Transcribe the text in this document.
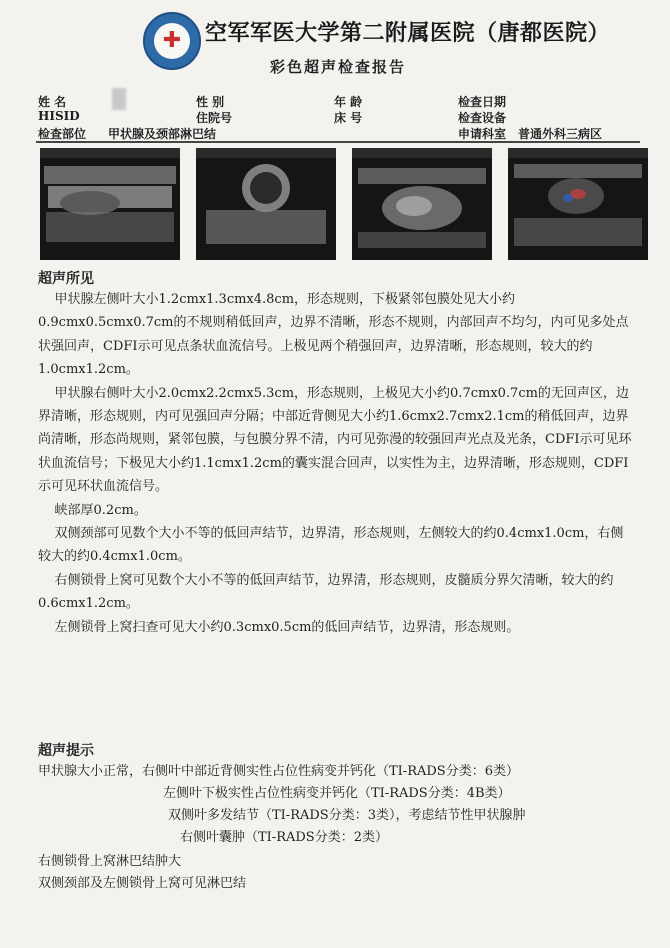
✚	空军军医大学第二附属医院（唐都医院）
彩色超声检查报告
姓 名	性 别	年 龄	检查日期
HISID	住院号	床 号	检查设备
检查部位 甲状腺及颈部淋巴结	申请科室 普通外科三病区
超声所见

甲状腺左侧叶大小1.2cmx1.3cmx4.8cm，形态规则，下极紧邻包膜处见大小约0.9cmx0.5cmx0.7cm的不规则稍低回声，边界不清晰，形态不规则，内部回声不均匀，内可见多处点状强回声，CDFI示可见点条状血流信号。上极见两个稍强回声，边界清晰，形态规则，较大的约1.0cmx1.2cm。

甲状腺右侧叶大小2.0cmx2.2cmx5.3cm，形态规则，上极见大小约0.7cmx0.7cm的无回声区，边界清晰，形态规则，内可见强回声分隔；中部近背侧见大小约1.6cmx2.7cmx2.1cm的稍低回声，边界尚清晰，形态尚规则，紧邻包膜，与包膜分界不清，内可见弥漫的较强回声光点及光条，CDFI示可见环状血流信号；下极见大小约1.1cmx1.2cm的囊实混合回声，以实性为主，边界清晰，形态规则，CDFI示可见环状血流信号。

峡部厚0.2cm。

双侧颈部可见数个大小不等的低回声结节，边界清，形态规则，左侧较大的约0.4cmx1.0cm，右侧较大的约0.4cmx1.0cm。

右侧锁骨上窝可见数个大小不等的低回声结节，边界清，形态规则，皮髓质分界欠清晰，较大的约0.6cmx1.2cm。

左侧锁骨上窝扫查可见大小约0.3cmx0.5cm的低回声结节，边界清，形态规则。

超声提示
甲状腺大小正常，右侧叶中部近背侧实性占位性病变并钙化（TI-RADS分类：6类）
左侧叶下极实性占位性病变并钙化（TI-RADS分类：4B类）
双侧叶多发结节（TI-RADS分类：3类），考虑结节性甲状腺肿
右侧叶囊肿（TI-RADS分类：2类）
右侧锁骨上窝淋巴结肿大
双侧颈部及左侧锁骨上窝可见淋巴结
